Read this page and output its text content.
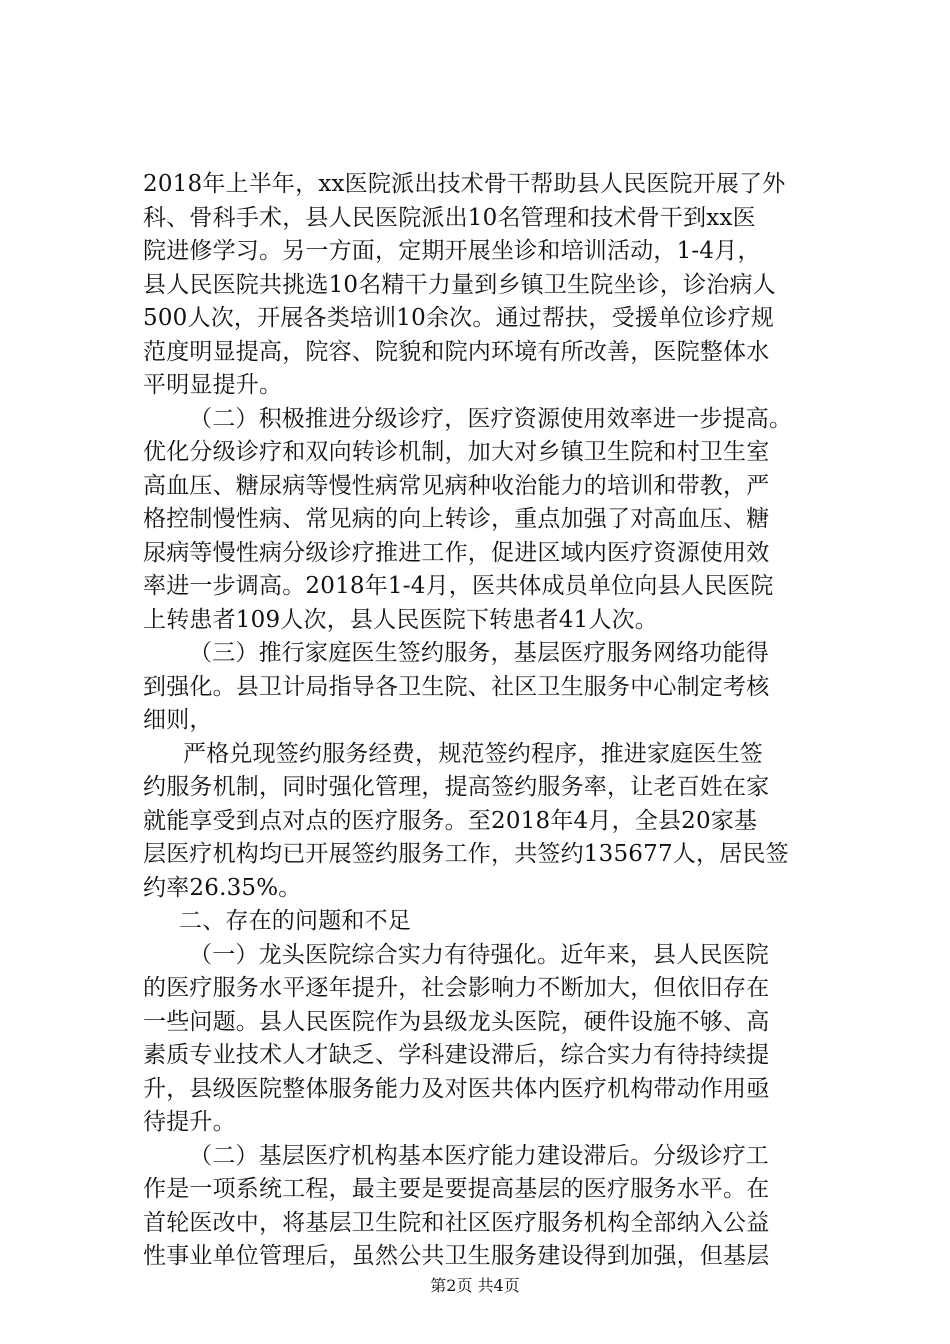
2018年上半年，xx医院派出技术骨干帮助县人民医院开展了外
科、骨科手术，县人民医院派出10名管理和技术骨干到xx医
院进修学习。另一方面，定期开展坐诊和培训活动，1-4月，
县人民医院共挑选10名精干力量到乡镇卫生院坐诊，诊治病人
500人次，开展各类培训10余次。通过帮扶，受援单位诊疗规
范度明显提高，院容、院貌和院内环境有所改善，医院整体水
平明显提升。
（二）积极推进分级诊疗，医疗资源使用效率进一步提高。
优化分级诊疗和双向转诊机制，加大对乡镇卫生院和村卫生室
高血压、糖尿病等慢性病常见病种收治能力的培训和带教，严
格控制慢性病、常见病的向上转诊，重点加强了对高血压、糖
尿病等慢性病分级诊疗推进工作，促进区域内医疗资源使用效
率进一步调高。2018年1-4月，医共体成员单位向县人民医院
上转患者109人次，县人民医院下转患者41人次。
（三）推行家庭医生签约服务，基层医疗服务网络功能得
到强化。县卫计局指导各卫生院、社区卫生服务中心制定考核
细则，
严格兑现签约服务经费，规范签约程序，推进家庭医生签
约服务机制，同时强化管理，提高签约服务率，让老百姓在家
就能享受到点对点的医疗服务。至2018年4月，全县20家基
层医疗机构均已开展签约服务工作，共签约135677人，居民签
约率26.35%。
二、存在的问题和不足
（一）龙头医院综合实力有待强化。近年来，县人民医院
的医疗服务水平逐年提升，社会影响力不断加大，但依旧存在
一些问题。县人民医院作为县级龙头医院，硬件设施不够、高
素质专业技术人才缺乏、学科建设滞后，综合实力有待持续提
升，县级医院整体服务能力及对医共体内医疗机构带动作用亟
待提升。
（二）基层医疗机构基本医疗能力建设滞后。分级诊疗工
作是一项系统工程，最主要是要提高基层的医疗服务水平。在
首轮医改中，将基层卫生院和社区医疗服务机构全部纳入公益
性事业单位管理后，虽然公共卫生服务建设得到加强，但基层
第2页 共4页
